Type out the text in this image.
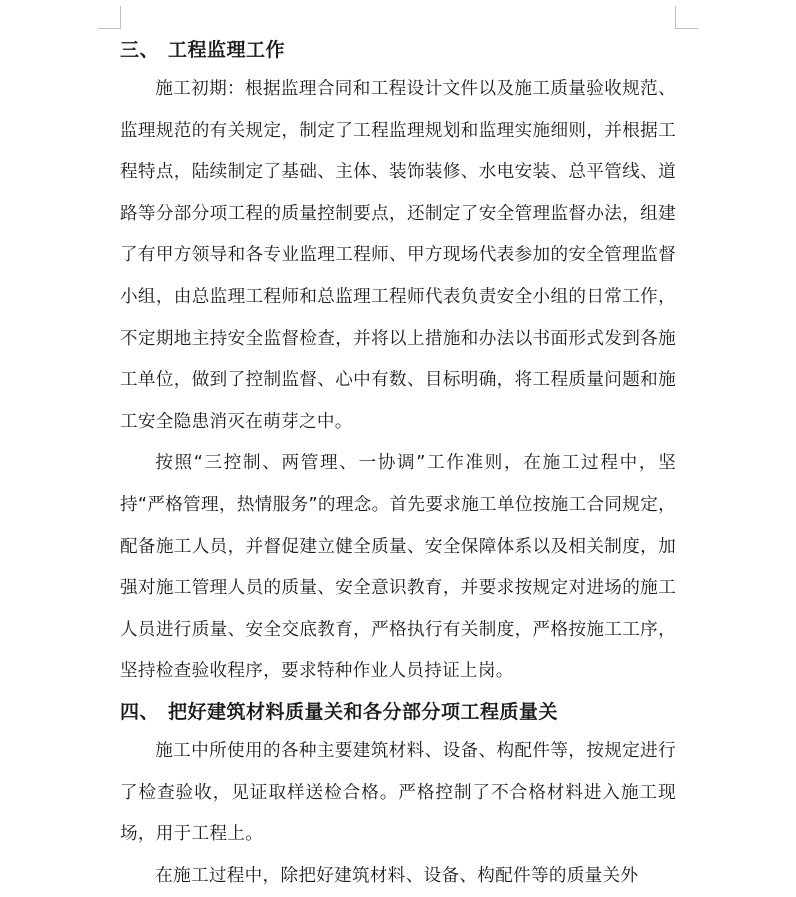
三、 工程监理工作

施工初期：根据监理合同和工程设计文件以及施工质量验收规范、监理规范的有关规定，制定了工程监理规划和监理实施细则，并根据工程特点，陆续制定了基础、主体、装饰装修、水电安装、总平管线、道路等分部分项工程的质量控制要点，还制定了安全管理监督办法，组建了有甲方领导和各专业监理工程师、甲方现场代表参加的安全管理监督小组，由总监理工程师和总监理工程师代表负责安全小组的日常工作，不定期地主持安全监督检查，并将以上措施和办法以书面形式发到各施工单位，做到了控制监督、心中有数、目标明确，将工程质量问题和施工安全隐患消灭在萌芽之中。

按照“三控制、两管理、一协调”工作准则，在施工过程中，坚持“严格管理，热情服务”的理念。首先要求施工单位按施工合同规定，配备施工人员，并督促建立健全质量、安全保障体系以及相关制度，加强对施工管理人员的质量、安全意识教育，并要求按规定对进场的施工人员进行质量、安全交底教育，严格执行有关制度，严格按施工工序，坚持检查验收程序，要求特种作业人员持证上岗。

四、 把好建筑材料质量关和各分部分项工程质量关

施工中所使用的各种主要建筑材料、设备、构配件等，按规定进行了检查验收，见证取样送检合格。严格控制了不合格材料进入施工现场，用于工程上。

在施工过程中，除把好建筑材料、设备、构配件等的质量关外
